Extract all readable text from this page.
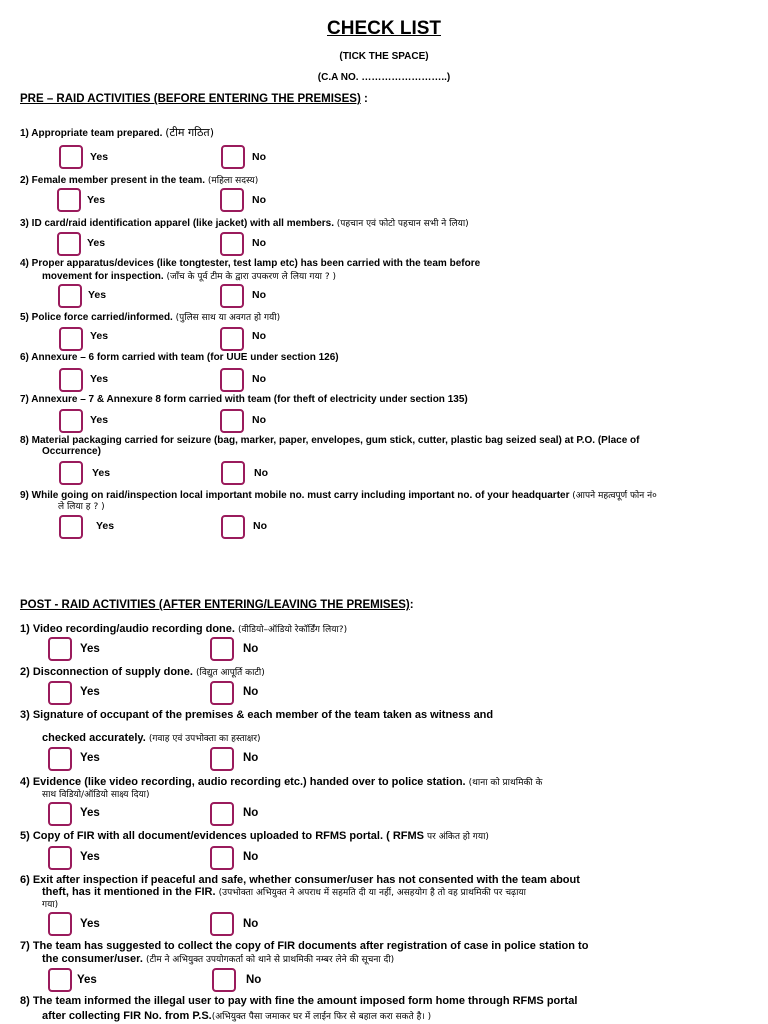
CHECK LIST
(TICK THE SPACE)
(C.A NO. ……………………..)
PRE – RAID ACTIVITIES (BEFORE ENTERING THE PREMISES) :
1) Appropriate team prepared. (टीम गठित)
Yes	No
2) Female member present in the team. (महिला सदस्य)
Yes	No
3) ID card/raid identification apparel (like jacket) with all members. (पहचान एवं फोटो पहचान सभी ने लिया)
Yes	No
4) Proper apparatus/devices (like tongtester, test lamp etc) has been carried with the team before
movement for inspection. (जाँच के पूर्व टीम के द्वारा उपकरण ले लिया गया ? )
Yes	No
5) Police force carried/informed. (पुलिस साथ या अवगत हो गयी)
Yes	No
6) Annexure – 6 form carried with team (for UUE under section 126)
Yes	No
7) Annexure – 7 & Annexure 8 form carried with team (for theft of electricity under section 135)
Yes	No
8) Material packaging carried for seizure (bag, marker, paper, envelopes, gum stick, cutter, plastic bag seized seal) at P.O. (Place of
Occurrence)
Yes	No
9) While going on raid/inspection local important mobile no. must carry including important no. of your headquarter (आपने महत्वपूर्ण फोन नं०
ले लिया ह ? )
Yes	No
POST - RAID ACTIVITIES (AFTER ENTERING/LEAVING THE PREMISES):
1) Video recording/audio recording done. (वीडियो–ऑडियो रेकॉर्डिंग लिया?)
Yes	No
2) Disconnection of supply done. (विद्युत आपूर्ति काटी)
Yes	No
3) Signature of occupant of the premises & each member of the team taken as witness and
checked accurately. (गवाह एवं उपभोक्ता का हस्ताक्षर)
Yes	No
4) Evidence (like video recording, audio recording etc.) handed over to police station. (थाना को प्राथमिकी के
साथ विडियो/ऑडियो साक्ष्य दिया)
Yes	No
5) Copy of FIR with all document/evidences uploaded to RFMS portal. ( RFMS पर अंकित हो गया)
Yes	No
6) Exit after inspection if peaceful and safe, whether consumer/user has not consented with the team about
theft, has it mentioned in the FIR. (उपभोक्ता अभियुक्त ने अपराध में सहमति दी या नहीं, असहयोग है तो वह प्राथमिकी पर चढ़ाया
गया)
Yes	No
7) The team has suggested to collect the copy of FIR documents after registration of case in police station to
the consumer/user. (टीम ने अभियुक्त उपयोगकर्ता को थाने से प्राथमिकी नम्बर लेने की सूचना दी)
Yes	No
8) The team informed the illegal user to pay with fine the amount imposed form home through RFMS portal
after collecting FIR No. from P.S.(अभियुक्त पैसा जमाकर घर में लाईन फिर से बहाल करा सकते है। )
